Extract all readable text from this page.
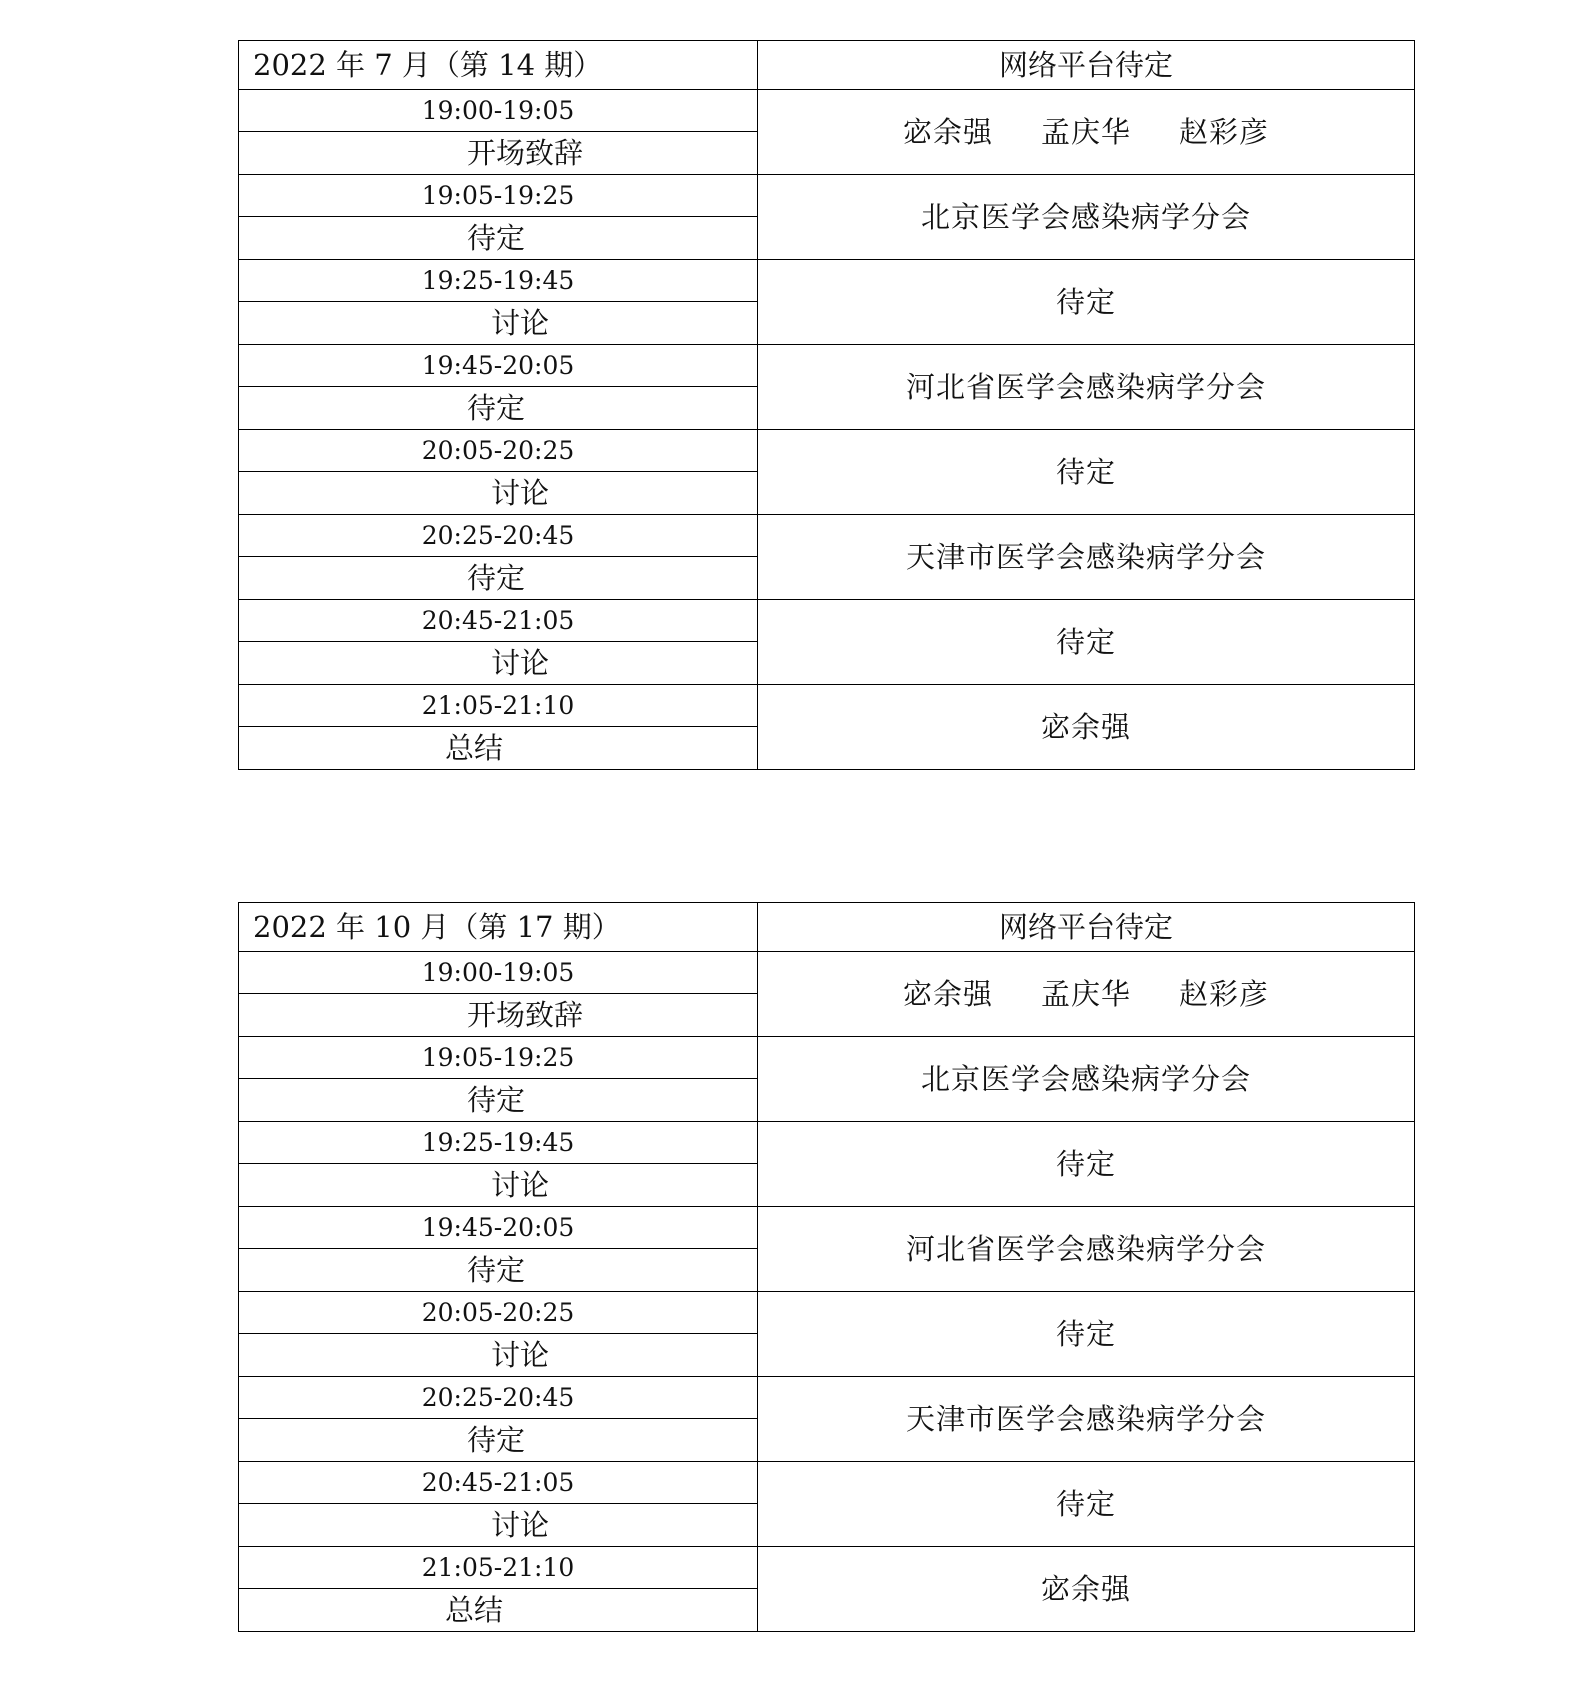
2022 年 7 月（第 14 期）	网络平台待定
19:00-19:05	宓余强 孟庆华 赵彩彦
开场致辞	
19:05-19:25	北京医学会感染病学分会
待定	
19:25-19:45	待定
讨论	
19:45-20:05	河北省医学会感染病学分会
待定	
20:05-20:25	待定
讨论	
20:25-20:45	天津市医学会感染病学分会
待定	
20:45-21:05	待定
讨论	
21:05-21:10	宓余强
总结	
2022 年 10 月（第 17 期）	网络平台待定
19:00-19:05	宓余强 孟庆华 赵彩彦
开场致辞	
19:05-19:25	北京医学会感染病学分会
待定	
19:25-19:45	待定
讨论	
19:45-20:05	河北省医学会感染病学分会
待定	
20:05-20:25	待定
讨论	
20:25-20:45	天津市医学会感染病学分会
待定	
20:45-21:05	待定
讨论	
21:05-21:10	宓余强
总结	
